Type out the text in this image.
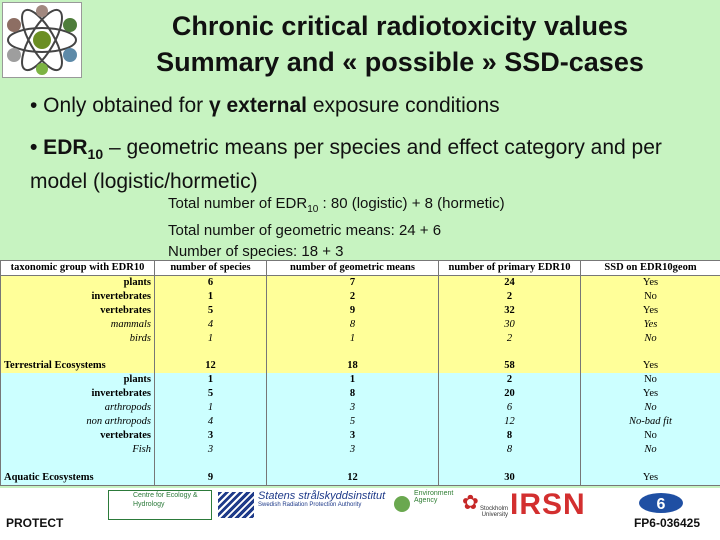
Chronic critical radiotoxicity values
Summary and « possible » SSD-cases
• Only obtained for γ external exposure conditions
• $EDR_{10}$ – geometric means per species and effect category and per model (logistic/hormetic)
Total number of $EDR_{10}$ : 80 (logistic) + 8 (hormetic)
Total number of geometric means: 24 + 6
Number of species: 18 + 3
taxonomic group with EDR10	number of species	number of geometric means	number of primary EDR10	SSD on EDR10geom
plants	6	7	24	Yes
invertebrates	1	2	2	No
vertebrates	5	9	32	Yes
mammals	4	8	30	Yes
birds	1	1	2	No

Terrestrial Ecosystems	12	18	58	Yes
plants	1	1	2	No
invertebrates	5	8	20	Yes
arthropods	1	3	6	No
non arthropods	4	5	12	No-bad fit
vertebrates	3	3	8	No
Fish	3	3	8	No

Aquatic Ecosystems	9	12	30	Yes
Centre for Ecology & Hydrology
Statens strålskyddsinstitut
Swedish Radiation Protection Authority
Environment Agency	✿ Stockholm University IRSN	6
PROTECT	FP6-036425
